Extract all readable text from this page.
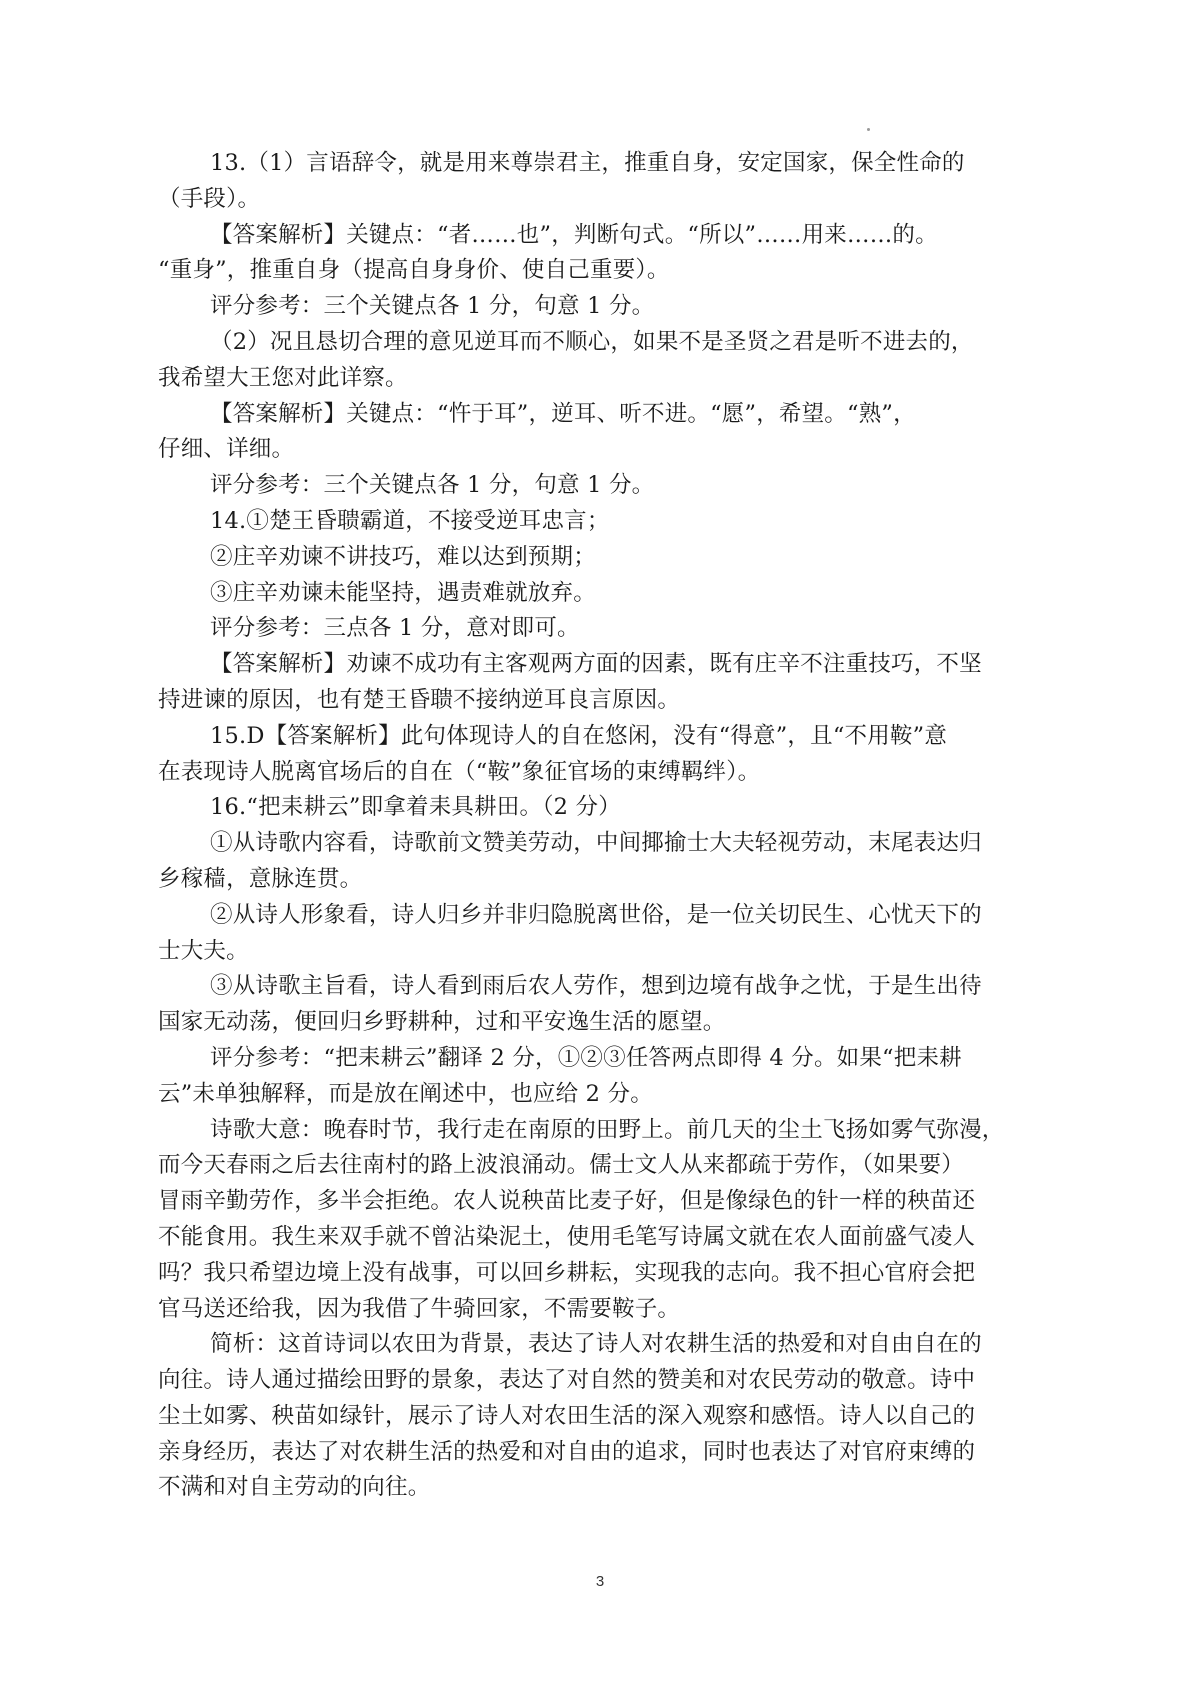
13.（1）言语辞令，就是用来尊崇君主，推重自身，安定国家，保全性命的
（手段）。
【答案解析】关键点：“者……也”，判断句式。“所以”……用来……的。
“重身”，推重自身（提高自身身价、使自己重要）。
评分参考：三个关键点各 1 分，句意 1 分。
（2）况且恳切合理的意见逆耳而不顺心，如果不是圣贤之君是听不进去的，
我希望大王您对此详察。
【答案解析】关键点：“忤于耳”，逆耳、听不进。“愿”，希望。“熟”，
仔细、详细。
评分参考：三个关键点各 1 分，句意 1 分。
14.①楚王昏聩霸道，不接受逆耳忠言；
②庄辛劝谏不讲技巧，难以达到预期；
③庄辛劝谏未能坚持，遇责难就放弃。
评分参考：三点各 1 分，意对即可。
【答案解析】劝谏不成功有主客观两方面的因素，既有庄辛不注重技巧，不坚
持进谏的原因，也有楚王昏聩不接纳逆耳良言原因。
15.D【答案解析】此句体现诗人的自在悠闲，没有“得意”，且“不用鞍”意
在表现诗人脱离官场后的自在（“鞍”象征官场的束缚羁绊）。
16.“把耒耕云”即拿着耒具耕田。（2 分）
①从诗歌内容看，诗歌前文赞美劳动，中间揶揄士大夫轻视劳动，末尾表达归
乡稼穑，意脉连贯。
②从诗人形象看，诗人归乡并非归隐脱离世俗，是一位关切民生、心忧天下的
士大夫。
③从诗歌主旨看，诗人看到雨后农人劳作，想到边境有战争之忧，于是生出待
国家无动荡，便回归乡野耕种，过和平安逸生活的愿望。
评分参考：“把耒耕云”翻译 2 分，①②③任答两点即得 4 分。如果“把耒耕
云”未单独解释，而是放在阐述中，也应给 2 分。
诗歌大意：晚春时节，我行走在南原的田野上。前几天的尘土飞扬如雾气弥漫，
而今天春雨之后去往南村的路上波浪涌动。儒士文人从来都疏于劳作，（如果要）
冒雨辛勤劳作，多半会拒绝。农人说秧苗比麦子好，但是像绿色的针一样的秧苗还
不能食用。我生来双手就不曾沾染泥土，使用毛笔写诗属文就在农人面前盛气凌人
吗？我只希望边境上没有战事，可以回乡耕耘，实现我的志向。我不担心官府会把
官马送还给我，因为我借了牛骑回家，不需要鞍子。
简析：这首诗词以农田为背景，表达了诗人对农耕生活的热爱和对自由自在的
向往。诗人通过描绘田野的景象，表达了对自然的赞美和对农民劳动的敬意。诗中
尘土如雾、秧苗如绿针，展示了诗人对农田生活的深入观察和感悟。诗人以自己的
亲身经历，表达了对农耕生活的热爱和对自由的追求，同时也表达了对官府束缚的
不满和对自主劳动的向往。
3
